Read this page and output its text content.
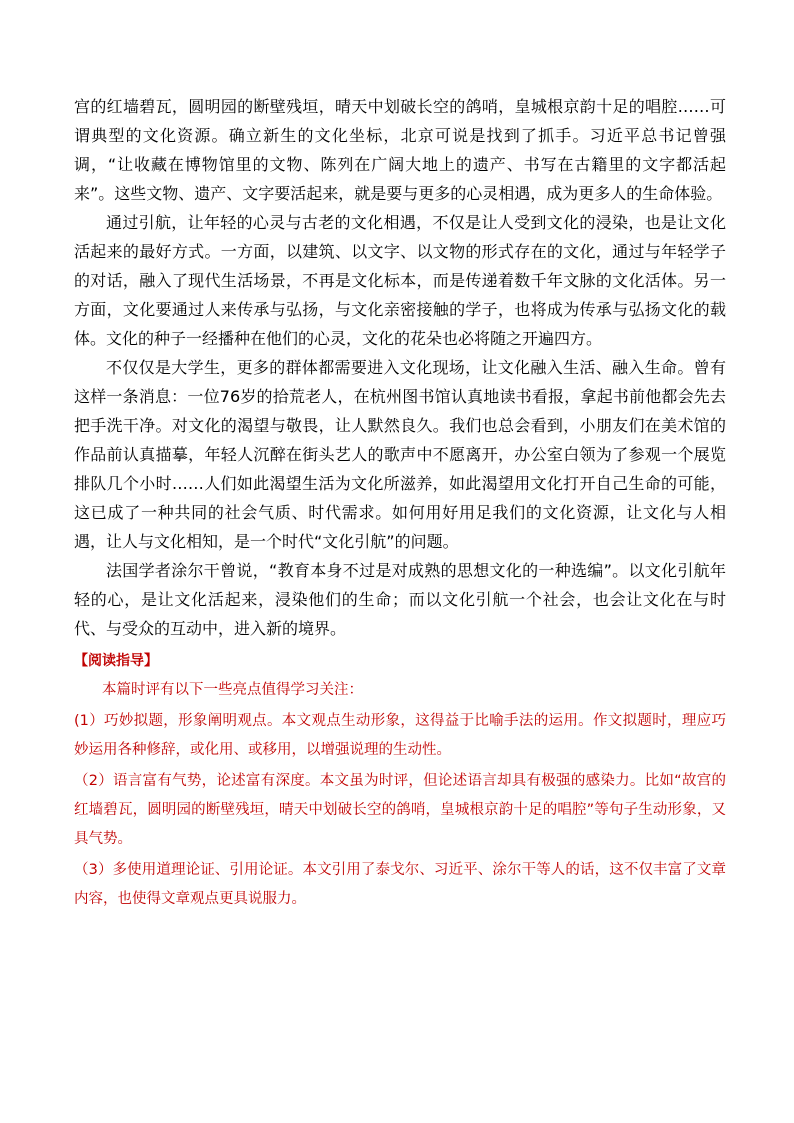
宫的红墙碧瓦，圆明园的断壁残垣，晴天中划破长空的鸽哨，皇城根京韵十足的唱腔……可谓典型的文化资源。确立新生的文化坐标，北京可说是找到了抓手。习近平总书记曾强调，“让收藏在博物馆里的文物、陈列在广阔大地上的遗产、书写在古籍里的文字都活起来”。这些文物、遗产、文字要活起来，就是要与更多的心灵相遇，成为更多人的生命体验。

通过引航，让年轻的心灵与古老的文化相遇，不仅是让人受到文化的浸染，也是让文化活起来的最好方式。一方面，以建筑、以文字、以文物的形式存在的文化，通过与年轻学子的对话，融入了现代生活场景，不再是文化标本，而是传递着数千年文脉的文化活体。另一方面，文化要通过人来传承与弘扬，与文化亲密接触的学子，也将成为传承与弘扬文化的载体。文化的种子一经播种在他们的心灵，文化的花朵也必将随之开遍四方。

不仅仅是大学生，更多的群体都需要进入文化现场，让文化融入生活、融入生命。曾有这样一条消息：一位76岁的拾荒老人，在杭州图书馆认真地读书看报，拿起书前他都会先去把手洗干净。对文化的渴望与敬畏，让人默然良久。我们也总会看到，小朋友们在美术馆的作品前认真描摹，年轻人沉醉在街头艺人的歌声中不愿离开，办公室白领为了参观一个展览排队几个小时……人们如此渴望生活为文化所滋养，如此渴望用文化打开自己生命的可能，这已成了一种共同的社会气质、时代需求。如何用好用足我们的文化资源，让文化与人相遇，让人与文化相知，是一个时代“文化引航”的问题。

法国学者涂尔干曾说，“教育本身不过是对成熟的思想文化的一种选编”。以文化引航年轻的心，是让文化活起来，浸染他们的生命；而以文化引航一个社会，也会让文化在与时代、与受众的互动中，进入新的境界。

【阅读指导】

本篇时评有以下一些亮点值得学习关注：

(1）巧妙拟题，形象阐明观点。本文观点生动形象，这得益于比喻手法的运用。作文拟题时，理应巧妙运用各种修辞，或化用、或移用，以增强说理的生动性。

（2）语言富有气势，论述富有深度。本文虽为时评，但论述语言却具有极强的感染力。比如“故宫的红墙碧瓦，圆明园的断壁残垣，晴天中划破长空的鸽哨，皇城根京韵十足的唱腔”等句子生动形象，又具气势。

（3）多使用道理论证、引用论证。本文引用了泰戈尔、习近平、涂尔干等人的话，这不仅丰富了文章内容，也使得文章观点更具说服力。
